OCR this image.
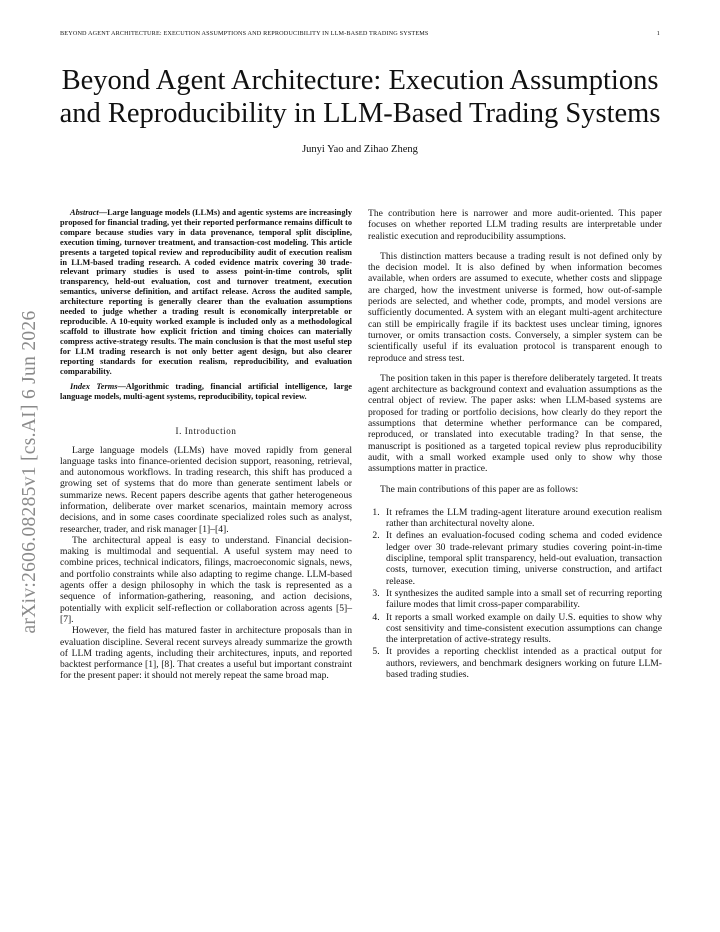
BEYOND AGENT ARCHITECTURE: EXECUTION ASSUMPTIONS AND REPRODUCIBILITY IN LLM-BASED TRADING SYSTEMS	1
Beyond Agent Architecture: Execution Assumptions
and Reproducibility in LLM-Based Trading Systems
Junyi Yao and Zihao Zheng
arXiv:2606.08285v1 [cs.AI] 6 Jun 2026

Abstract—Large language models (LLMs) and agentic systems are increasingly proposed for financial trading, yet their reported performance remains difficult to compare because studies vary in data provenance, temporal split discipline, execution timing, turnover treatment, and transaction-cost modeling. This article presents a targeted topical review and reproducibility audit of execution realism in LLM-based trading research. A coded evidence matrix covering 30 trade-relevant primary studies is used to assess point-in-time controls, split transparency, held-out evaluation, cost and turnover treatment, execution semantics, universe definition, and artifact release. Across the audited sample, architecture reporting is generally clearer than the evaluation assumptions needed to judge whether a trading result is economically interpretable or reproducible. A 10-equity worked example is included only as a methodological scaffold to illustrate how explicit friction and timing choices can materially compress active-strategy results. The main conclusion is that the most useful step for LLM trading research is not only better agent design, but also clearer reporting standards for execution realism, reproducibility, and evaluation comparability.

Index Terms—Algorithmic trading, financial artificial intelligence, large language models, multi-agent systems, reproducibility, topical review.

I. Introduction

Large language models (LLMs) have moved rapidly from general language tasks into finance-oriented decision support, reasoning, retrieval, and autonomous workflows. In trading research, this shift has produced a growing set of systems that do more than generate sentiment labels or summarize news. Recent papers describe agents that gather heterogeneous information, deliberate over market scenarios, maintain memory across decisions, and in some cases coordinate specialized roles such as analyst, researcher, trader, and risk manager [1]–[4].

The architectural appeal is easy to understand. Financial decision-making is multimodal and sequential. A useful system may need to combine prices, technical indicators, filings, macroeconomic signals, news, and portfolio constraints while also adapting to regime change. LLM-based agents offer a design philosophy in which the task is represented as a sequence of information-gathering, reasoning, and action decisions, potentially with explicit self-reflection or collaboration across agents [5]–[7].

However, the field has matured faster in architecture proposals than in evaluation discipline. Several recent surveys already summarize the growth of LLM trading agents, including their architectures, inputs, and reported backtest performance [1], [8]. That creates a useful but important constraint for the present paper: it should not merely repeat the same broad map.

The contribution here is narrower and more audit-oriented. This paper focuses on whether reported LLM trading results are interpretable under realistic execution and reproducibility assumptions.

This distinction matters because a trading result is not defined only by the decision model. It is also defined by when information becomes available, when orders are assumed to execute, whether costs and slippage are charged, how the investment universe is formed, how out-of-sample periods are selected, and whether code, prompts, and model versions are sufficiently documented. A system with an elegant multi-agent architecture can still be empirically fragile if its backtest uses unclear timing, ignores turnover, or omits transaction costs. Conversely, a simpler system can be scientifically useful if its evaluation protocol is transparent enough to reproduce and stress test.

The position taken in this paper is therefore deliberately targeted. It treats agent architecture as background context and evaluation assumptions as the central object of review. The paper asks: when LLM-based systems are proposed for trading or portfolio decisions, how clearly do they report the assumptions that determine whether performance can be compared, reproduced, or translated into executable trading? In that sense, the manuscript is positioned as a targeted topical review plus reproducibility audit, with a small worked example used only to show why those assumptions matter in practice.

The main contributions of this paper are as follows:

1. It reframes the LLM trading-agent literature around execution realism rather than architectural novelty alone.
2. It defines an evaluation-focused coding schema and coded evidence ledger over 30 trade-relevant primary studies covering point-in-time discipline, temporal split transparency, held-out evaluation, transaction costs, turnover, execution timing, universe construction, and artifact release.
3. It synthesizes the audited sample into a small set of recurring reporting failure modes that limit cross-paper comparability.
4. It reports a small worked example on daily U.S. equities to show why cost sensitivity and time-consistent execution assumptions can change the interpretation of active-strategy results.
5. It provides a reporting checklist intended as a practical output for authors, reviewers, and benchmark designers working on future LLM-based trading studies.
